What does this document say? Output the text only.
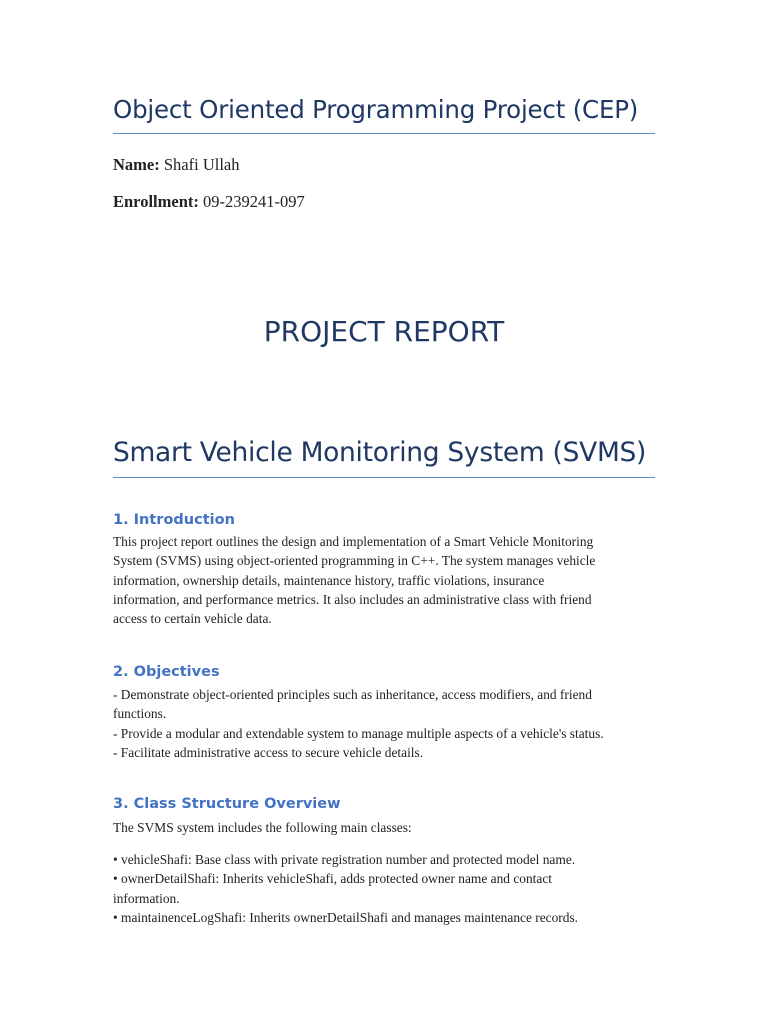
Object Oriented Programming Project (CEP)

Name: Shafi Ullah

Enrollment: 09-239241-097

PROJECT REPORT
Smart Vehicle Monitoring System (SVMS)
1. Introduction
This project report outlines the design and implementation of a Smart Vehicle Monitoring
System (SVMS) using object-oriented programming in C++. The system manages vehicle
information, ownership details, maintenance history, traffic violations, insurance
information, and performance metrics. It also includes an administrative class with friend
access to certain vehicle data.
2. Objectives
- Demonstrate object-oriented principles such as inheritance, access modifiers, and friend
functions.
- Provide a modular and extendable system to manage multiple aspects of a vehicle's status.
- Facilitate administrative access to secure vehicle details.
3. Class Structure Overview
The SVMS system includes the following main classes:
• vehicleShafi: Base class with private registration number and protected model name.
• ownerDetailShafi: Inherits vehicleShafi, adds protected owner name and contact
information.
• maintainenceLogShafi: Inherits ownerDetailShafi and manages maintenance records.
